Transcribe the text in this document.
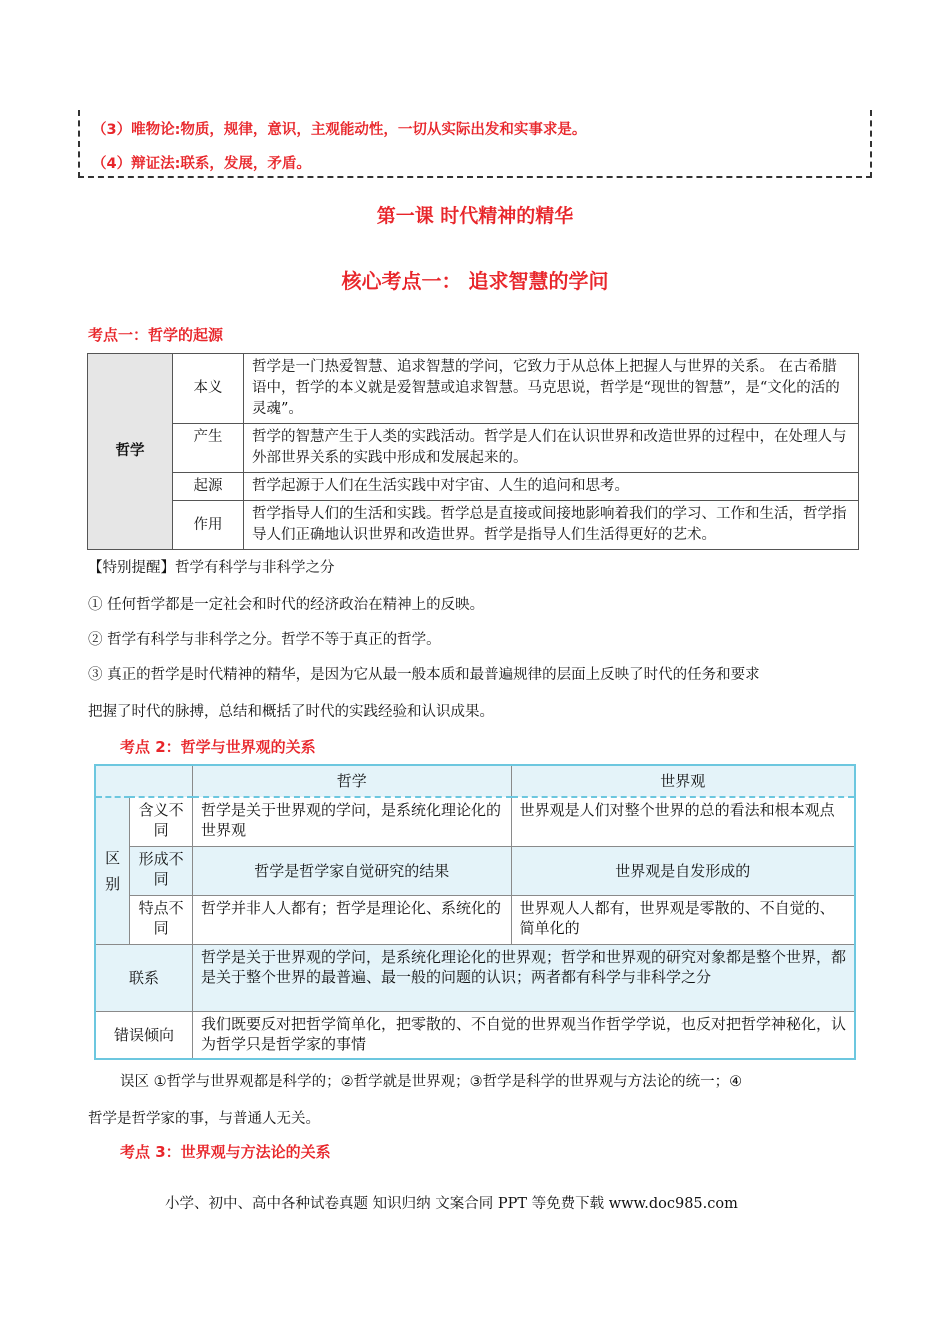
（3）唯物论:物质，规律，意识，主观能动性，一切从实际出发和实事求是。
（4）辩证法:联系，发展，矛盾。
第一课 时代精神的精华
核心考点一： 追求智慧的学问
考点一：哲学的起源
哲学	本义	哲学是一门热爱智慧、追求智慧的学问，它致力于从总体上把握人与世界的关系。 在古希腊语中，哲学的本义就是爱智慧或追求智慧。马克思说，哲学是“现世的智慧”，是“文化的活的灵魂”。
	产生	哲学的智慧产生于人类的实践活动。哲学是人们在认识世界和改造世界的过程中，在处理人与外部世界关系的实践中形成和发展起来的。
	起源	哲学起源于人们在生活实践中对宇宙、人生的追问和思考。
	作用	哲学指导人们的生活和实践。哲学总是直接或间接地影响着我们的学习、工作和生活，哲学指导人们正确地认识世界和改造世界。哲学是指导人们生活得更好的艺术。
【特别提醒】哲学有科学与非科学之分
① 任何哲学都是一定社会和时代的经济政治在精神上的反映。
② 哲学有科学与非科学之分。哲学不等于真正的哲学。
③ 真正的哲学是时代精神的精华，是因为它从最一般本质和最普遍规律的层面上反映了时代的任务和要求
把握了时代的脉搏，总结和概括了时代的实践经验和认识成果。
考点 2：哲学与世界观的关系
		哲学	世界观

区
别	含义不同	哲学是关于世界观的学问，是系统化理论化的世界观	世界观是人们对整个世界的总的看法和根本观点
	形成不同	哲学是哲学家自觉研究的结果	世界观是自发形成的
	特点不同	哲学并非人人都有；哲学是理论化、系统化的	世界观人人都有，世界观是零散的、不自觉的、简单化的
联系		哲学是关于世界观的学问，是系统化理论化的世界观；哲学和世界观的研究对象都是整个世界，都是关于整个世界的最普遍、最一般的问题的认识；两者都有科学与非科学之分	
错误倾向		我们既要反对把哲学简单化，把零散的、不自觉的世界观当作哲学学说，也反对把哲学神秘化，认为哲学只是哲学家的事情	
误区 ①哲学与世界观都是科学的；②哲学就是世界观；③哲学是科学的世界观与方法论的统一；④
哲学是哲学家的事，与普通人无关。
考点 3：世界观与方法论的关系
小学、初中、高中各种试卷真题 知识归纳 文案合同 PPT 等免费下载 www.doc985.com
